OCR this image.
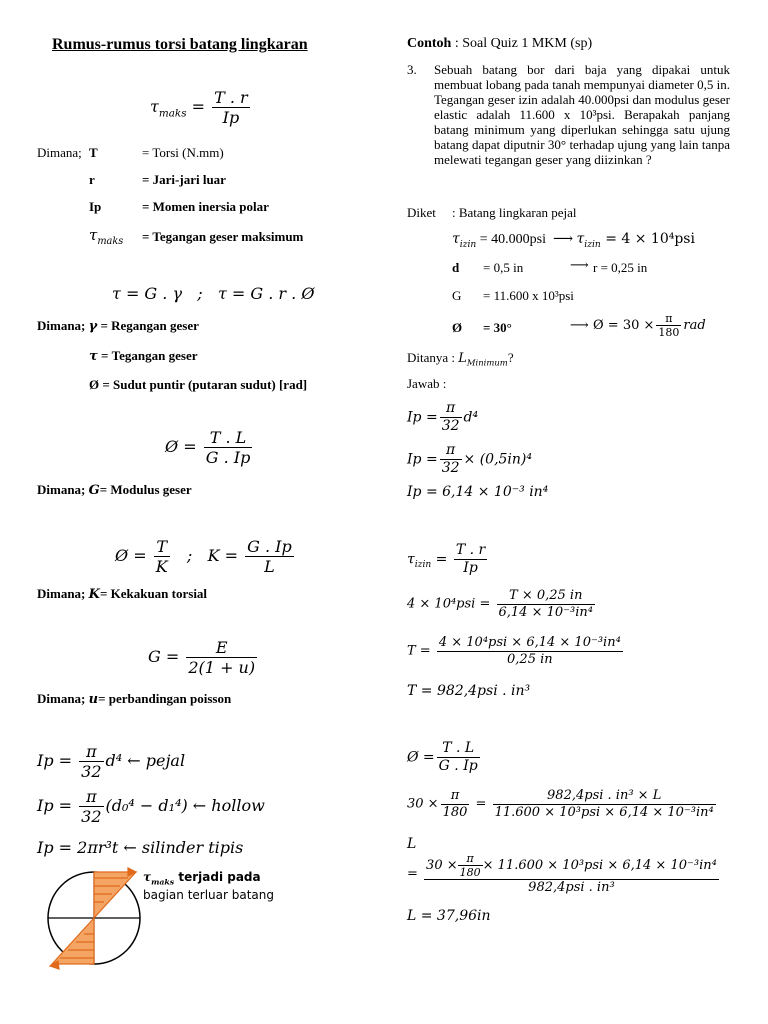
Rumus-rumus torsi batang lingkaran
$\tau_{maks} = \frac{T . r}{Ip}$
Dimana; T	= Torsi (N.mm)
r	= Jari-jari luar
Ip	= Momen inersia polar
$\tau_{maks}$ = Tegangan geser maksimum
τ = G . γ ; τ = G . r . Ø
Dimana; γ = Regangan geser
τ = Tegangan geser
Ø = Sudut puntir (putaran sudut) [rad]
Ø = $\frac{T . L}{G . Ip}$
Dimana; G= Modulus geser
Ø = $\frac{T}{K}$ ; $K = \frac{G . Ip}{L}$
Dimana; K= Kekakuan torsial
$G = \frac{E}{2(1 + u)}$
Dimana; u= perbandingan poisson
$Ip = \frac{\pi}{32} d^4$ ← pejal
$Ip = \frac{\pi}{32} (d_0^4 - d_1^4)$ ← hollow
Ip = 2πr³t ← silinder tipis
$\tau_{maks}$ terjadi pada
bagian terluar batang
Contoh : Soal Quiz 1 MKM (sp)
3. Sebuah batang bor dari baja yang dipakai untuk membuat lobang pada tanah mempunyai diameter 0,5 in. Tegangan geser izin adalah 40.000psi dan modulus geser elastic adalah 11.600 x 10³psi. Berapakah panjang batang minimum yang diperlukan sehingga satu ujung batang dapat diputnir 30° terhadap ujung yang lain tanpa melewati tegangan geser yang diizinkan ?
Diket : Batang lingkaran pejal
$\tau_{izin} = 40.000psi$ ⟶ $\tau_{izin} = 4 \times 10^4psi$
d = 0,5 in	⟶ r = 0,25 in
G = 11.600 x 10³psi
Ø = 30°	⟶ Ø = $30 \times \frac{\pi}{180}$ rad
Ditanya : $L_{Minimum}$?
Jawab :
$Ip = \frac{\pi}{32} d^4$
$Ip = \frac{\pi}{32} \times (0,5in)^4$
Ip = 6,14 × 10⁻³ in⁴
$\tau_{izin} = \frac{T . r}{Ip}$
$4 \times 10^4psi = \frac{T \times 0,25 in}{\text{6,14 × 10⁻³in⁴}}$
$T = \frac{\text{4 × 10⁴psi × 6,14 × 10⁻³in⁴}}{0,25 in}$
T = 982,4psi . in³
Ø = $\frac{T . L}{G . Ip}$
$30 \times \frac{\pi}{180} = \frac{\text{982,4psi . in³ × L}}{\text{11.600 × 10³psi × 6,14 × 10⁻³in⁴}}$
L
= $\frac{30 \times \frac{\pi}{180} \times 11.600 \times 10^3psi \times 6,14 \times 10^{-3}in^4}{\text{982,4psi . in³}}$
L = 37,96in
